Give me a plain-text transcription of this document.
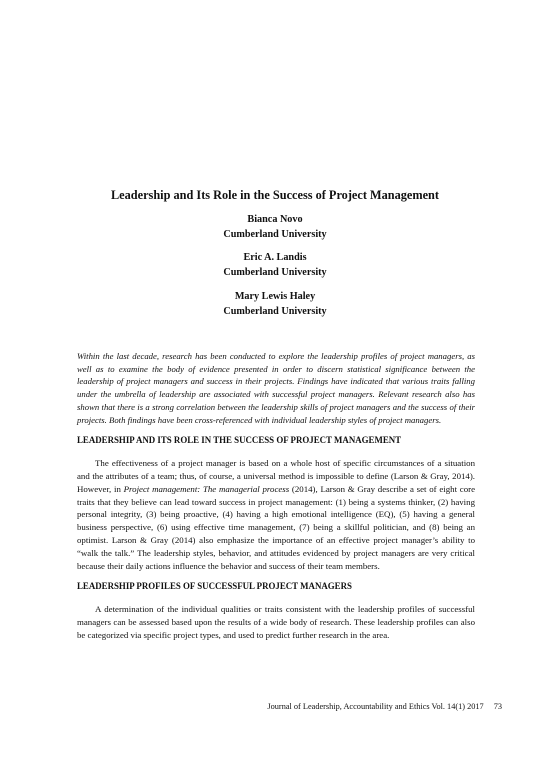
Leadership and Its Role in the Success of Project Management
Bianca Novo
Cumberland University
Eric A. Landis
Cumberland University
Mary Lewis Haley
Cumberland University

Within the last decade, research has been conducted to explore the leadership profiles of project managers, as well as to examine the body of evidence presented in order to discern statistical significance between the leadership of project managers and success in their projects. Findings have indicated that various traits falling under the umbrella of leadership are associated with successful project managers. Relevant research also has shown that there is a strong correlation between the leadership skills of project managers and the success of their projects. Both findings have been cross-referenced with individual leadership styles of project managers.

LEADERSHIP AND ITS ROLE IN THE SUCCESS OF PROJECT MANAGEMENT

The effectiveness of a project manager is based on a whole host of specific circumstances of a situation and the attributes of a team; thus, of course, a universal method is impossible to define (Larson & Gray, 2014). However, in Project management: The managerial process (2014), Larson & Gray describe a set of eight core traits that they believe can lead toward success in project management: (1) being a systems thinker, (2) having personal integrity, (3) being proactive, (4) having a high emotional intelligence (EQ), (5) having a general business perspective, (6) using effective time management, (7) being a skillful politician, and (8) being an optimist. Larson & Gray (2014) also emphasize the importance of an effective project manager’s ability to “walk the talk.” The leadership styles, behavior, and attitudes evidenced by project managers are very critical because their daily actions influence the behavior and success of their team members.

LEADERSHIP PROFILES OF SUCCESSFUL PROJECT MANAGERS

A determination of the individual qualities or traits consistent with the leadership profiles of successful managers can be assessed based upon the results of a wide body of research. These leadership profiles can also be categorized via specific project types, and used to predict further research in the area.

Journal of Leadership, Accountability and Ethics Vol. 14(1) 2017 73
